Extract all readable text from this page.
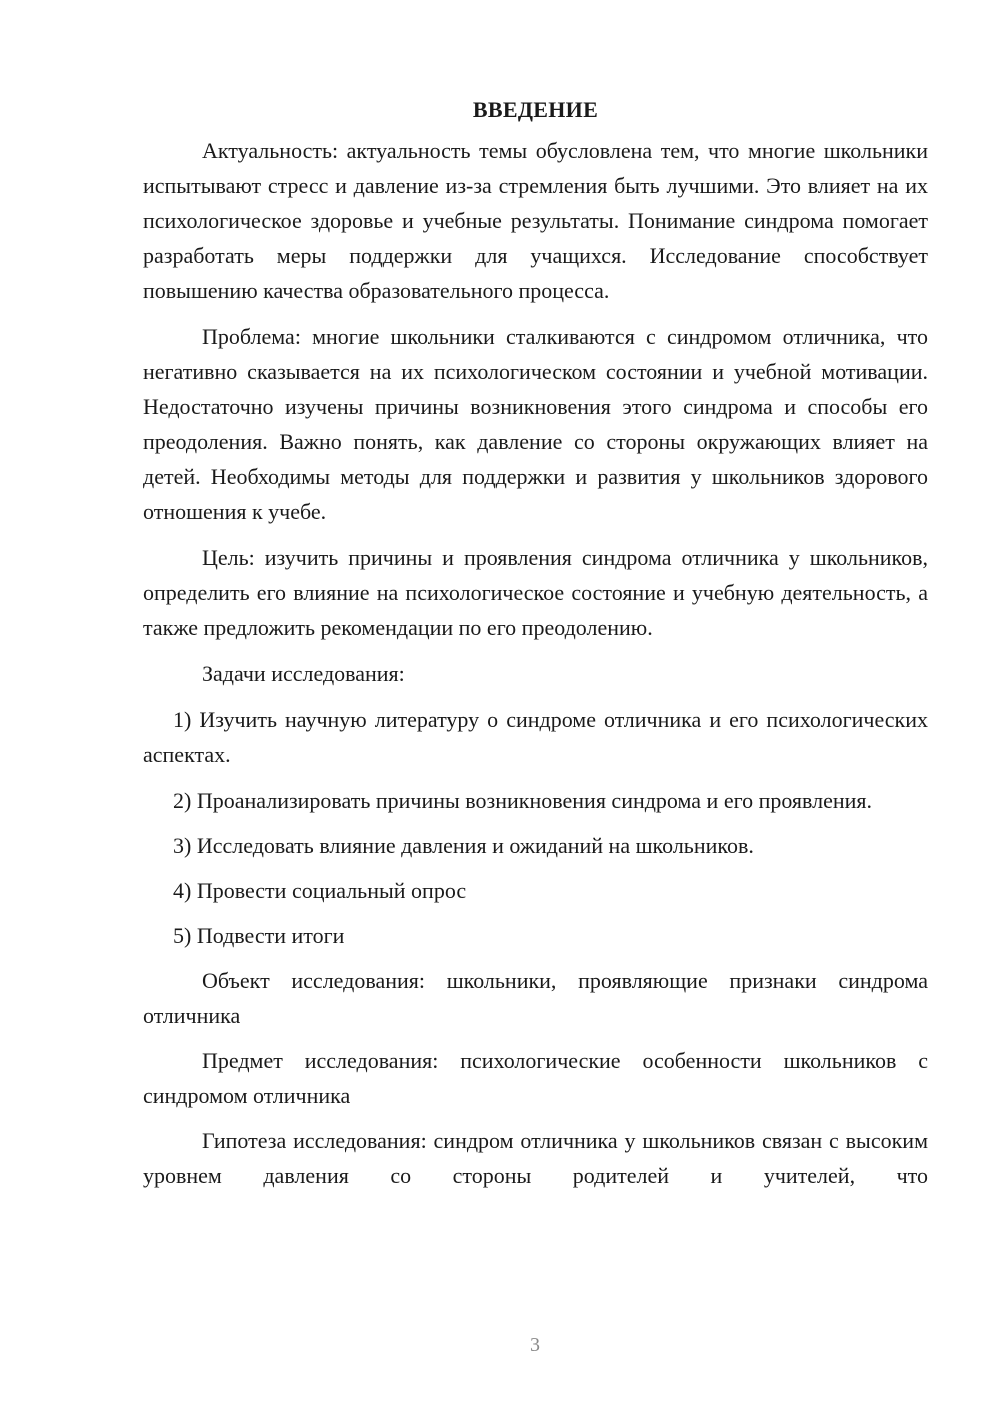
ВВЕДЕНИЕ

Актуальность: актуальность темы обусловлена тем, что многие школьники испытывают стресс и давление из-за стремления быть лучшими. Это влияет на их психологическое здоровье и учебные результаты. Понимание синдрома помогает разработать меры поддержки для учащихся. Исследование способствует повышению качества образовательного процесса.

Проблема: многие школьники сталкиваются с синдромом отличника, что негативно сказывается на их психологическом состоянии и учебной мотивации. Недостаточно изучены причины возникновения этого синдрома и способы его преодоления. Важно понять, как давление со стороны окружающих влияет на детей. Необходимы методы для поддержки и развития у школьников здорового отношения к учебе.

Цель: изучить причины и проявления синдрома отличника у школьников, определить его влияние на психологическое состояние и учебную деятельность, а также предложить рекомендации по его преодолению.

Задачи исследования:

1) Изучить научную литературу о синдроме отличника и его психологических аспектах.

2) Проанализировать причины возникновения синдрома и его проявления.

3) Исследовать влияние давления и ожиданий на школьников.

4) Провести социальный опрос

5) Подвести итоги

Объект исследования: школьники, проявляющие признаки синдрома отличника

Предмет исследования: психологические особенности школьников с синдромом отличника

Гипотеза исследования: синдром отличника у школьников связан с высоким уровнем давления со стороны родителей и учителей, что

3
